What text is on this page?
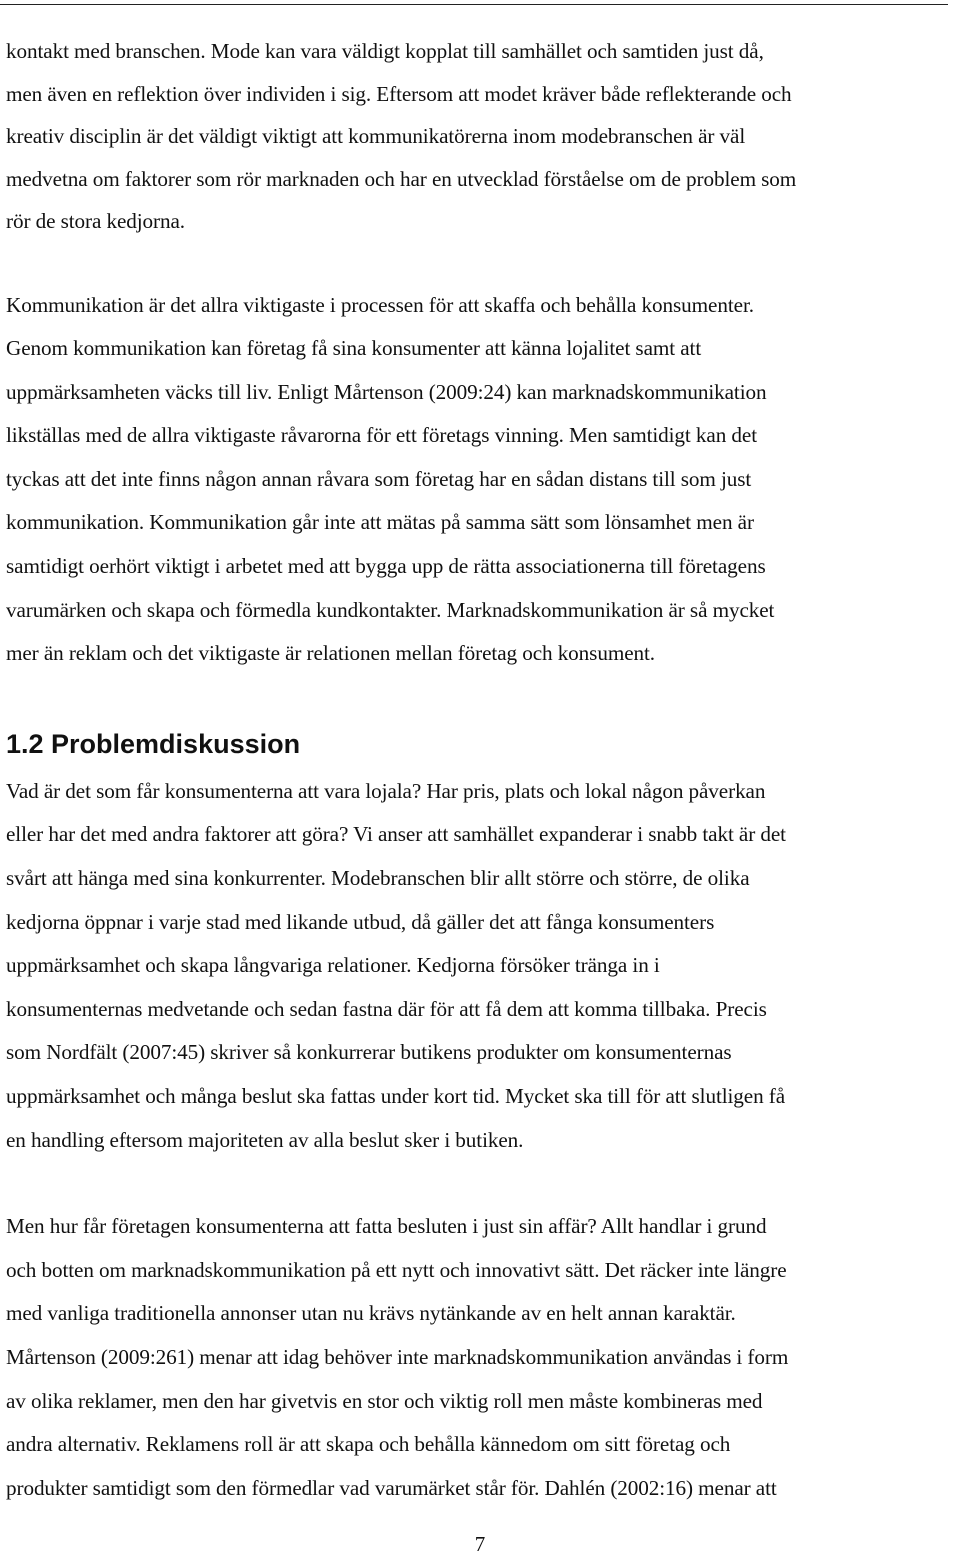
kontakt med branschen. Mode kan vara väldigt kopplat till samhället och samtiden just då,
men även en reflektion över individen i sig. Eftersom att modet kräver både reflekterande och
kreativ disciplin är det väldigt viktigt att kommunikatörerna inom modebranschen är väl
medvetna om faktorer som rör marknaden och har en utvecklad förståelse om de problem som
rör de stora kedjorna.
Kommunikation är det allra viktigaste i processen för att skaffa och behålla konsumenter.
Genom kommunikation kan företag få sina konsumenter att känna lojalitet samt att
uppmärksamheten väcks till liv. Enligt Mårtenson (2009:24) kan marknadskommunikation
likställas med de allra viktigaste råvarorna för ett företags vinning. Men samtidigt kan det
tyckas att det inte finns någon annan råvara som företag har en sådan distans till som just
kommunikation. Kommunikation går inte att mätas på samma sätt som lönsamhet men är
samtidigt oerhört viktigt i arbetet med att bygga upp de rätta associationerna till företagens
varumärken och skapa och förmedla kundkontakter. Marknadskommunikation är så mycket
mer än reklam och det viktigaste är relationen mellan företag och konsument.
1.2 Problemdiskussion
Vad är det som får konsumenterna att vara lojala? Har pris, plats och lokal någon påverkan
eller har det med andra faktorer att göra? Vi anser att samhället expanderar i snabb takt är det
svårt att hänga med sina konkurrenter. Modebranschen blir allt större och större, de olika
kedjorna öppnar i varje stad med likande utbud, då gäller det att fånga konsumenters
uppmärksamhet och skapa långvariga relationer. Kedjorna försöker tränga in i
konsumenternas medvetande och sedan fastna där för att få dem att komma tillbaka. Precis
som Nordfält (2007:45) skriver så konkurrerar butikens produkter om konsumenternas
uppmärksamhet och många beslut ska fattas under kort tid. Mycket ska till för att slutligen få
en handling eftersom majoriteten av alla beslut sker i butiken.
Men hur får företagen konsumenterna att fatta besluten i just sin affär? Allt handlar i grund
och botten om marknadskommunikation på ett nytt och innovativt sätt. Det räcker inte längre
med vanliga traditionella annonser utan nu krävs nytänkande av en helt annan karaktär.
Mårtenson (2009:261) menar att idag behöver inte marknadskommunikation användas i form
av olika reklamer, men den har givetvis en stor och viktig roll men måste kombineras med
andra alternativ. Reklamens roll är att skapa och behålla kännedom om sitt företag och
produkter samtidigt som den förmedlar vad varumärket står för. Dahlén (2002:16) menar att
7
